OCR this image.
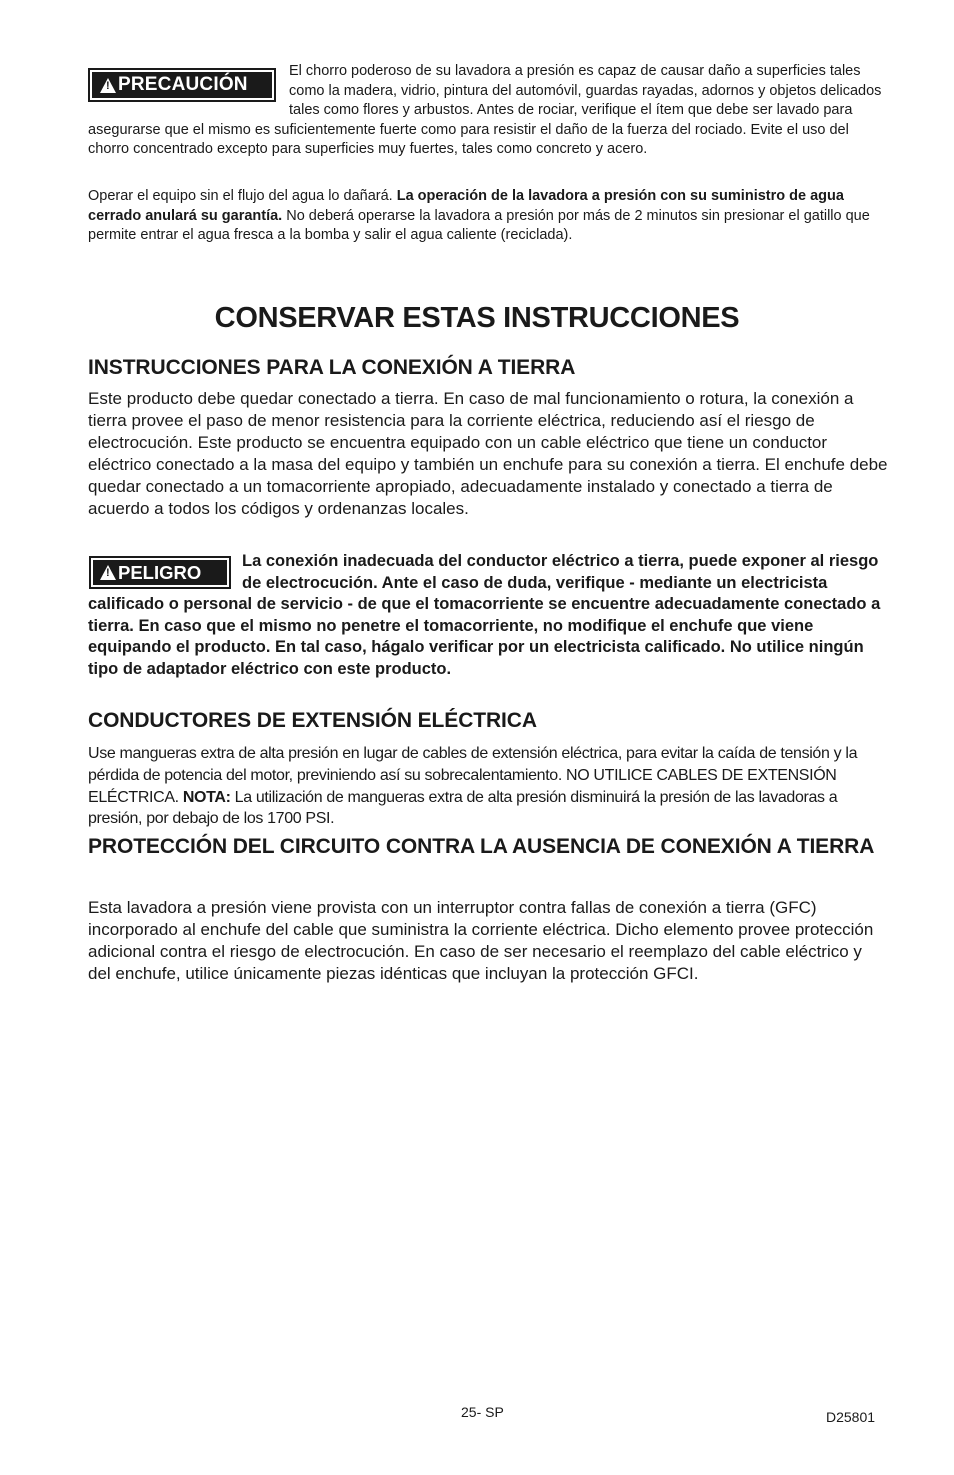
!
PRECAUCIÓN
El chorro poderoso de su lavadora a presión es capaz de causar daño a superficies tales como la madera, vidrio, pintura del automóvil, guardas rayadas, adornos y objetos delicados tales como flores y arbustos. Antes de rociar, verifique el ítem que debe ser lavado para asegurarse que el mismo es suficientemente fuerte como para resistir el daño de la fuerza del rociado. Evite el uso del chorro concentrado excepto para superficies muy fuertes, tales como concreto y acero.
Operar el equipo sin el flujo del agua lo dañará. La operación de la lavadora a presión con su suministro de agua cerrado anulará su garantía. No deberá operarse la lavadora a presión por más de 2 minutos sin presionar el gatillo que permite entrar el agua fresca a la bomba y salir el agua caliente (reciclada).
CONSERVAR ESTAS INSTRUCCIONES
INSTRUCCIONES PARA LA CONEXIÓN A TIERRA

Este producto debe quedar conectado a tierra. En caso de mal funcionamiento o rotura, la conexión a tierra provee el paso de menor resistencia para la corriente eléctrica, reduciendo así el riesgo de electrocución. Este producto se encuentra equipado con un cable eléctrico que tiene un conductor eléctrico conectado a la masa del equipo y también un enchufe para su conexión a tierra. El enchufe debe quedar conectado a un tomacorriente apropiado, adecuadamente instalado y conectado a tierra de acuerdo a todos los códigos y ordenanzas locales.

!
PELIGRO
La conexión inadecuada del conductor eléctrico a tierra, puede exponer al riesgo de electrocución. Ante el caso de duda, verifique - mediante un electricista calificado o personal de servicio - de que el tomacorriente se encuentre adecuadamente conectado a tierra. En caso que el mismo no penetre el tomacorriente, no modifique el enchufe que viene equipando el producto. En tal caso, hágalo verificar por un electricista calificado. No utilice ningún tipo de adaptador eléctrico con este producto.
CONDUCTORES DE EXTENSIÓN ELÉCTRICA

Use mangueras extra de alta presión en lugar de cables de extensión eléctrica, para evitar la caída de tensión y la pérdida de potencia del motor, previniendo así su sobrecalentamiento. NO UTILICE CABLES DE EXTENSIÓN ELÉCTRICA. NOTA: La utilización de mangueras extra de alta presión disminuirá la presión de las lavadoras a presión, por debajo de los 1700 PSI.

PROTECCIÓN DEL CIRCUITO CONTRA LA AUSENCIA DE CONEXIÓN A TIERRA

Esta lavadora a presión viene provista con un interruptor contra fallas de conexión a tierra (GFC) incorporado al enchufe del cable que suministra la corriente eléctrica. Dicho elemento provee protección adicional contra el riesgo de electrocución. En caso de ser necesario el reemplazo del cable eléctrico y del enchufe, utilice únicamente piezas idénticas que incluyan la protección GFCI.

25- SP	D25801
